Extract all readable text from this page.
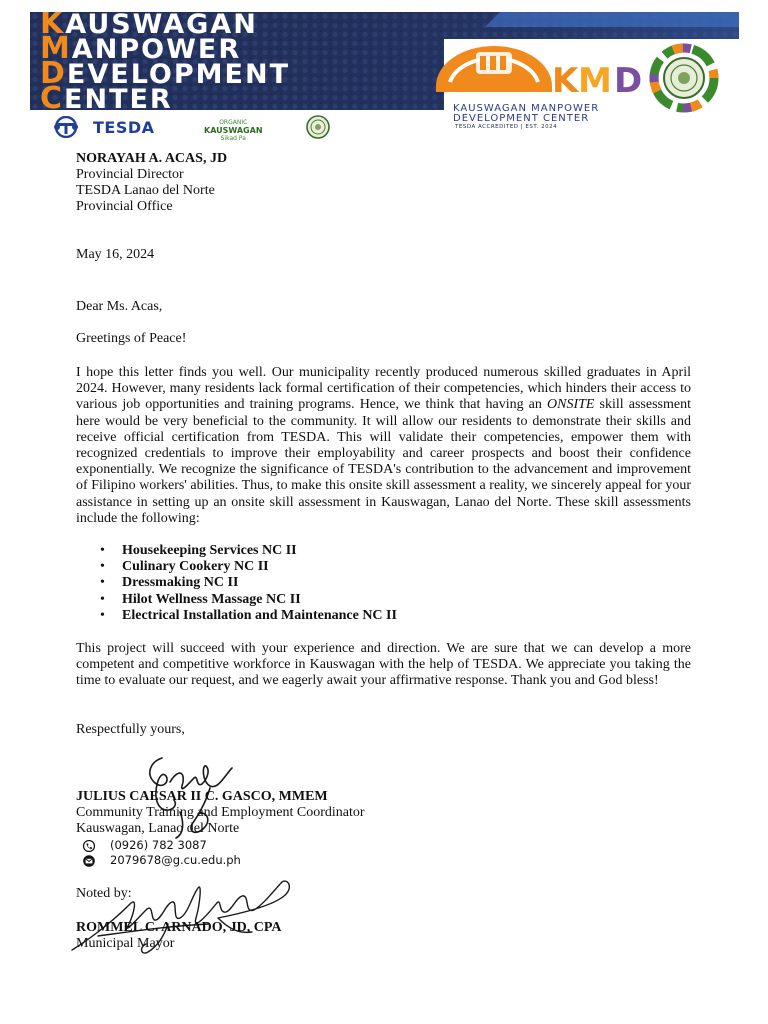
KAUSWAGAN
MANPOWER
DEVELOPMENT
CENTER	K M D
KAUSWAGAN MANPOWER
DEVELOPMENT CENTER
TESDA ACCREDITED | EST. 2024
TESDA	ORGANIC
KAUSWAGAN
Sikad Pa
NORAYAH A. ACAS, JD
Provincial Director
TESDA Lanao del Norte
Provincial Office
May 16, 2024
Dear Ms. Acas,
Greetings of Peace!
I hope this letter finds you well. Our municipality recently produced numerous skilled graduates in April 2024. However, many residents lack formal certification of their competencies, which hinders their access to various job opportunities and training programs. Hence, we think that having an ONSITE skill assessment here would be very beneficial to the community. It will allow our residents to demonstrate their skills and receive official certification from TESDA. This will validate their competencies, empower them with recognized credentials to improve their employability and career prospects and boost their confidence exponentially. We recognize the significance of TESDA's contribution to the advancement and improvement of Filipino workers' abilities. Thus, to make this onsite skill assessment a reality, we sincerely appeal for your assistance in setting up an onsite skill assessment in Kauswagan, Lanao del Norte. These skill assessments include the following:
• Housekeeping Services NC II
• Culinary Cookery NC II
• Dressmaking NC II
• Hilot Wellness Massage NC II
• Electrical Installation and Maintenance NC II
This project will succeed with your experience and direction. We are sure that we can develop a more competent and competitive workforce in Kauswagan with the help of TESDA. We appreciate you taking the time to evaluate our request, and we eagerly await your affirmative response. Thank you and God bless!
Respectfully yours,
JULIUS CAESAR II C. GASCO, MMEM
Community Training and Employment Coordinator
Kauswagan, Lanao del Norte
(0926) 782 3087
2079678@g.cu.edu.ph
Noted by:
ROMMEL C. ARNADO, JD, CPA
Municipal Mayor
